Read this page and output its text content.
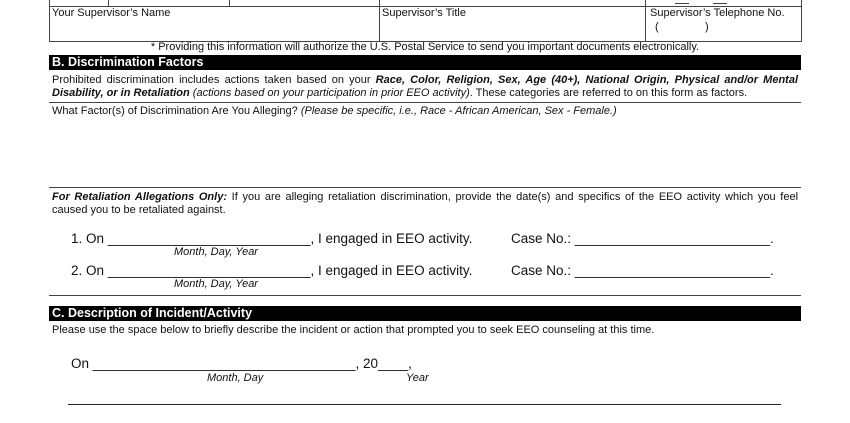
Your Supervisor’s Name	Supervisor’s Title	Supervisor’s Telephone No.
(	)
* Providing this information will authorize the U.S. Postal Service to send you important documents electronically.
B. Discrimination Factors
Prohibited discrimination includes actions taken based on your Race, Color, Religion, Sex, Age (40+), National Origin, Physical and/or Mental Disability, or in Retaliation (actions based on your participation in prior EEO activity). These categories are referred to on this form as factors.
What Factor(s) of Discrimination Are You Alleging? (Please be specific, i.e., Race - African American, Sex - Female.)
For Retaliation Allegations Only: If you are alleging retaliation discrimination, provide the date(s) and specifics of the EEO activity which you feel caused you to be retaliated against.
1. On ___________________________, I engaged in EEO activity.	Case No.: __________________________.
Month, Day, Year
2. On ___________________________, I engaged in EEO activity.	Case No.: __________________________.
Month, Day, Year
C. Description of Incident/Activity
Please use the space below to briefly describe the incident or action that prompted you to seek EEO counseling at this time.
On ___________________________________, 20____,
Month, Day	Year
